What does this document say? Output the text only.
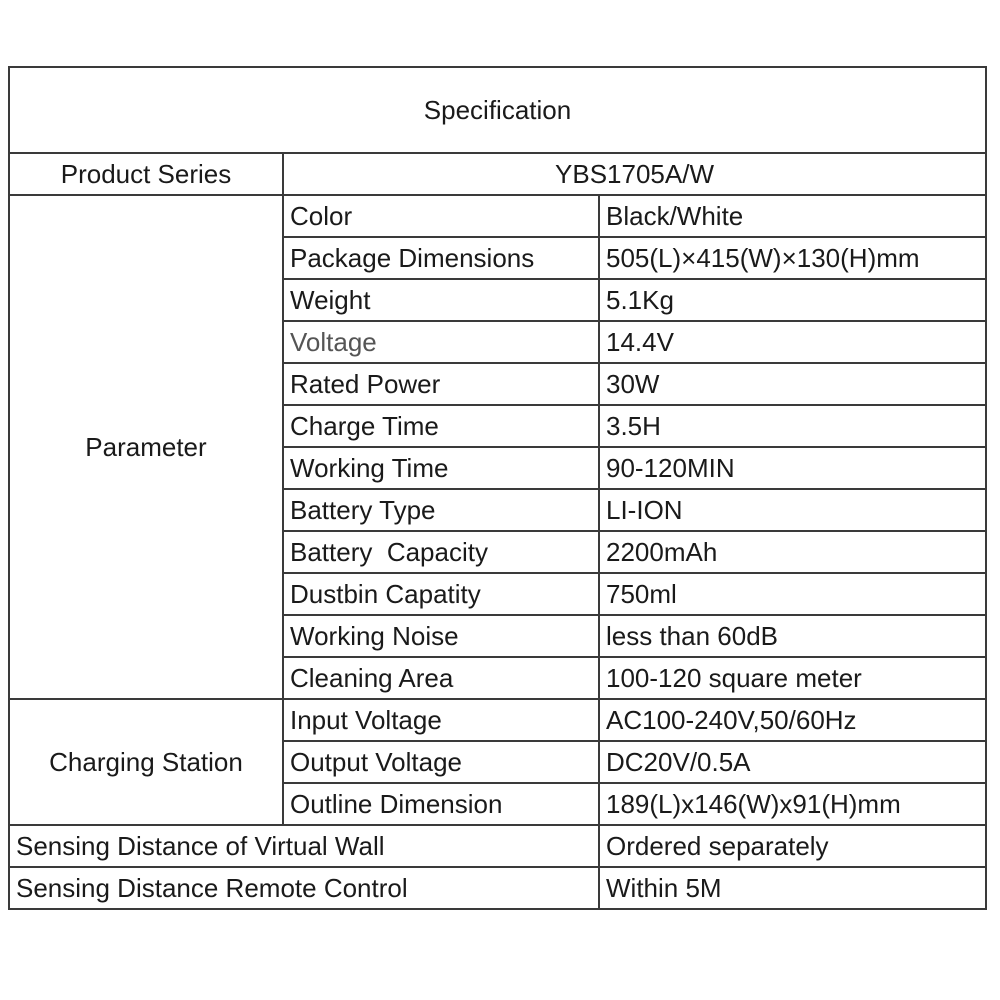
Specification		
Product Series	YBS1705A/W	
Parameter	Color	Black/White
	Package Dimensions	505(L)×415(W)×130(H)mm
	Weight	5.1Kg
	Voltage	14.4V
	Rated Power	30W
	Charge Time	3.5H
	Working Time	90-120MIN
	Battery Type	LI-ION
	Battery  Capacity	2200mAh
	Dustbin Capatity	750ml
	Working Noise	less than 60dB
	Cleaning Area	100-120 square meter
Charging Station	Input Voltage	AC100-240V,50/60Hz
	Output Voltage	DC20V/0.5A
	Outline Dimension	189(L)x146(W)x91(H)mm
Sensing Distance of Virtual Wall		Ordered separately
Sensing Distance Remote Control		Within 5M
